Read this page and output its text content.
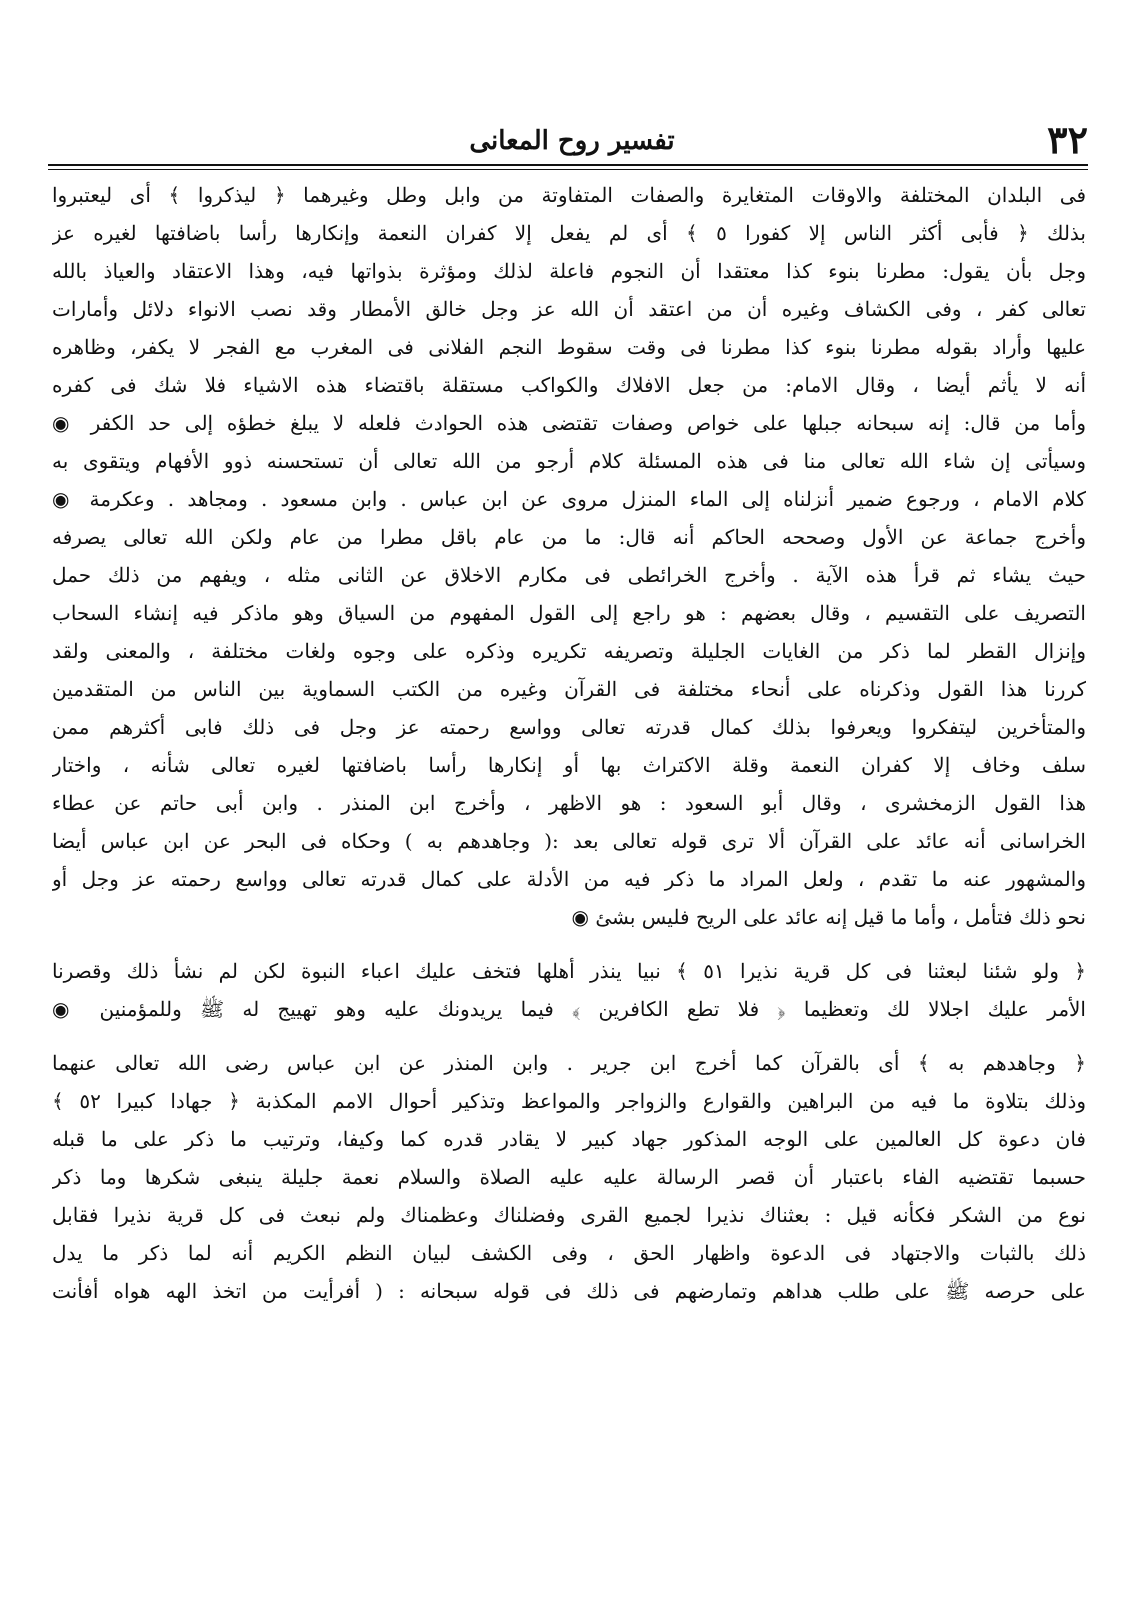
٣٢
تفسير روح المعانى
فى البلدان المختلفة والاوقات المتغايرة والصفات المتفاوتة من وابل وطل وغيرهما ﴿ ليذكروا ﴾ أى ليعتبروا
بذلك ﴿ فأبى أكثر الناس إلا كفورا ٥ ﴾ أى لم يفعل إلا كفران النعمة وإنكارها رأسا باضافتها لغيره عز
وجل بأن يقول: مطرنا بنوء كذا معتقدا أن النجوم فاعلة لذلك ومؤثرة بذواتها فيه، وهذا الاعتقاد والعياذ بالله
تعالى كفر ، وفى الكشاف وغيره أن من اعتقد أن الله عز وجل خالق الأمطار وقد نصب الانواء دلائل وأمارات
عليها وأراد بقوله مطرنا بنوء كذا مطرنا فى وقت سقوط النجم الفلانى فى المغرب مع الفجر لا يكفر، وظاهره
أنه لا يأثم أيضا ، وقال الامام: من جعل الافلاك والكواكب مستقلة باقتضاء هذه الاشياء فلا شك فى كفره
وأما من قال: إنه سبحانه جبلها على خواص وصفات تقتضى هذه الحوادث فلعله لا يبلغ خطؤه إلى حد الكفر ◉
وسيأتى إن شاء الله تعالى منا فى هذه المسئلة كلام أرجو من الله تعالى أن تستحسنه ذوو الأفهام ويتقوى به
كلام الامام ، ورجوع ضمير أنزلناه إلى الماء المنزل مروى عن ابن عباس . وابن مسعود . ومجاهد . وعكرمة ◉
وأخرج جماعة عن الأول وصححه الحاكم أنه قال: ما من عام باقل مطرا من عام ولكن الله تعالى يصرفه
حيث يشاء ثم قرأ هذه الآية . وأخرج الخرائطى فى مكارم الاخلاق عن الثانى مثله ، ويفهم من ذلك حمل
التصريف على التقسيم ، وقال بعضهم : هو راجع إلى القول المفهوم من السياق وهو ماذكر فيه إنشاء السحاب
وإنزال القطر لما ذكر من الغايات الجليلة وتصريفه تكريره وذكره على وجوه ولغات مختلفة ، والمعنى ولقد
كررنا هذا القول وذكرناه على أنحاء مختلفة فى القرآن وغيره من الكتب السماوية بين الناس من المتقدمين
والمتأخرين ليتفكروا ويعرفوا بذلك كمال قدرته تعالى وواسع رحمته عز وجل فى ذلك فابى أكثرهم ممن
سلف وخاف إلا كفران النعمة وقلة الاكتراث بها أو إنكارها رأسا باضافتها لغيره تعالى شأنه ، واختار
هذا القول الزمخشرى ، وقال أبو السعود : هو الاظهر ، وأخرج ابن المنذر . وابن أبى حاتم عن عطاء
الخراسانى أنه عائد على القرآن ألا ترى قوله تعالى بعد :( وجاهدهم به ) وحكاه فى البحر عن ابن عباس أيضا
والمشهور عنه ما تقدم ، ولعل المراد ما ذكر فيه من الأدلة على كمال قدرته تعالى وواسع رحمته عز وجل أو
نحو ذلك فتأمل ، وأما ما قيل إنه عائد على الريح فليس بشئ ◉
﴿ ولو شئنا لبعثنا فى كل قرية نذيرا ٥١ ﴾ نبيا ينذر أهلها فتخف عليك اعباء النبوة لكن لم نشأ ذلك وقصرنا
الأمر عليك اجلالا لك وتعظيما ﴿ فلا تطع الكافرين ﴾ فيما يريدونك عليه وهو تهييج له ﷺ وللمؤمنين ◉
﴿ وجاهدهم به ﴾ أى بالقرآن كما أخرج ابن جرير . وابن المنذر عن ابن عباس رضى الله تعالى عنهما
وذلك بتلاوة ما فيه من البراهين والقوارع والزواجر والمواعظ وتذكير أحوال الامم المكذبة ﴿ جهادا كبيرا ٥٢ ﴾
فان دعوة كل العالمين على الوجه المذكور جهاد كبير لا يقادر قدره كما وكيفا، وترتيب ما ذكر على ما قبله
حسبما تقتضيه الفاء باعتبار أن قصر الرسالة عليه عليه الصلاة والسلام نعمة جليلة ينبغى شكرها وما ذكر
نوع من الشكر فكأنه قيل : بعثناك نذيرا لجميع القرى وفضلناك وعظمناك ولم نبعث فى كل قرية نذيرا فقابل
ذلك بالثبات والاجتهاد فى الدعوة واظهار الحق ، وفى الكشف لبيان النظم الكريم أنه لما ذكر ما يدل
على حرصه ﷺ على طلب هداهم وتمارضهم فى ذلك فى قوله سبحانه : ( أفرأيت من اتخذ الهه هواه أفأنت
